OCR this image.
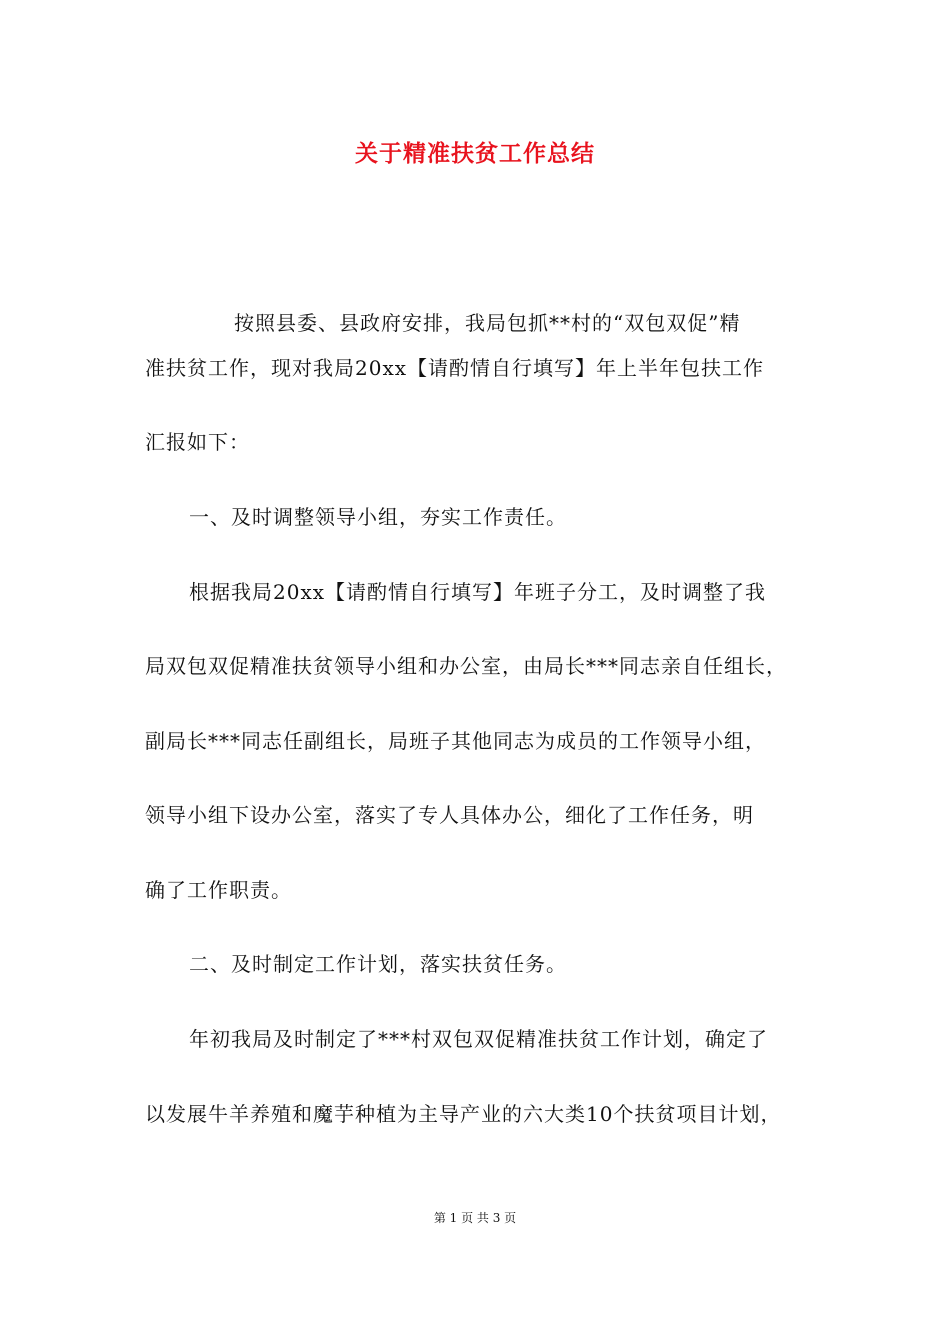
关于精准扶贫工作总结
按照县委、县政府安排，我局包抓**村的“双包双促”精
准扶贫工作，现对我局20xx【请酌情自行填写】年上半年包扶工作
汇报如下：
一、及时调整领导小组，夯实工作责任。
根据我局20xx【请酌情自行填写】年班子分工，及时调整了我
局双包双促精准扶贫领导小组和办公室，由局长***同志亲自任组长，
副局长***同志任副组长，局班子其他同志为成员的工作领导小组，
领导小组下设办公室，落实了专人具体办公，细化了工作任务，明
确了工作职责。
二、及时制定工作计划，落实扶贫任务。
年初我局及时制定了***村双包双促精准扶贫工作计划，确定了
以发展牛羊养殖和魔芋种植为主导产业的六大类10个扶贫项目计划，
第 1 页 共 3 页
